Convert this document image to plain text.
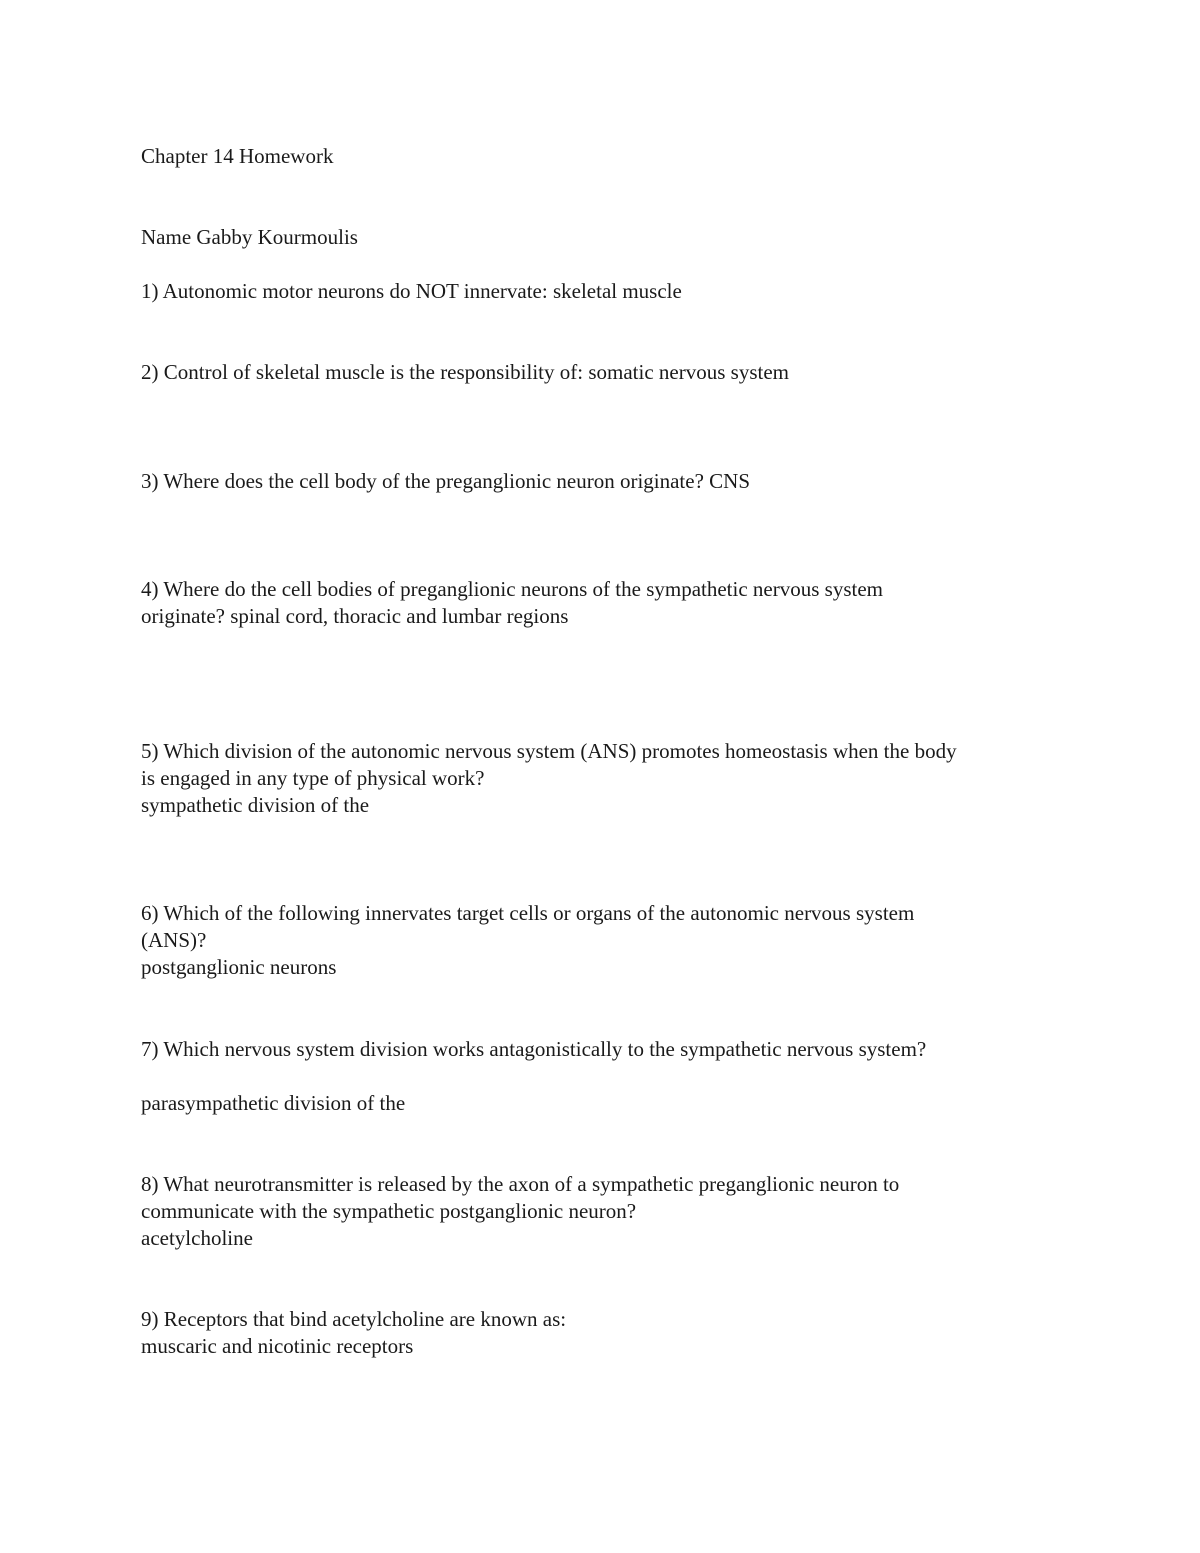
Chapter 14 Homework
Name Gabby Kourmoulis
1) Autonomic motor neurons do NOT innervate: skeletal muscle
2) Control of skeletal muscle is the responsibility of: somatic nervous system
3) Where does the cell body of the preganglionic neuron originate? CNS
4) Where do the cell bodies of preganglionic neurons of the sympathetic nervous system
originate? spinal cord, thoracic and lumbar regions
5) Which division of the autonomic nervous system (ANS) promotes homeostasis when the body
is engaged in any type of physical work?
sympathetic division of the
6) Which of the following innervates target cells or organs of the autonomic nervous system
(ANS)?
postganglionic neurons
7) Which nervous system division works antagonistically to the sympathetic nervous system?
parasympathetic division of the
8) What neurotransmitter is released by the axon of a sympathetic preganglionic neuron to
communicate with the sympathetic postganglionic neuron?
acetylcholine
9) Receptors that bind acetylcholine are known as:
muscaric and nicotinic receptors
